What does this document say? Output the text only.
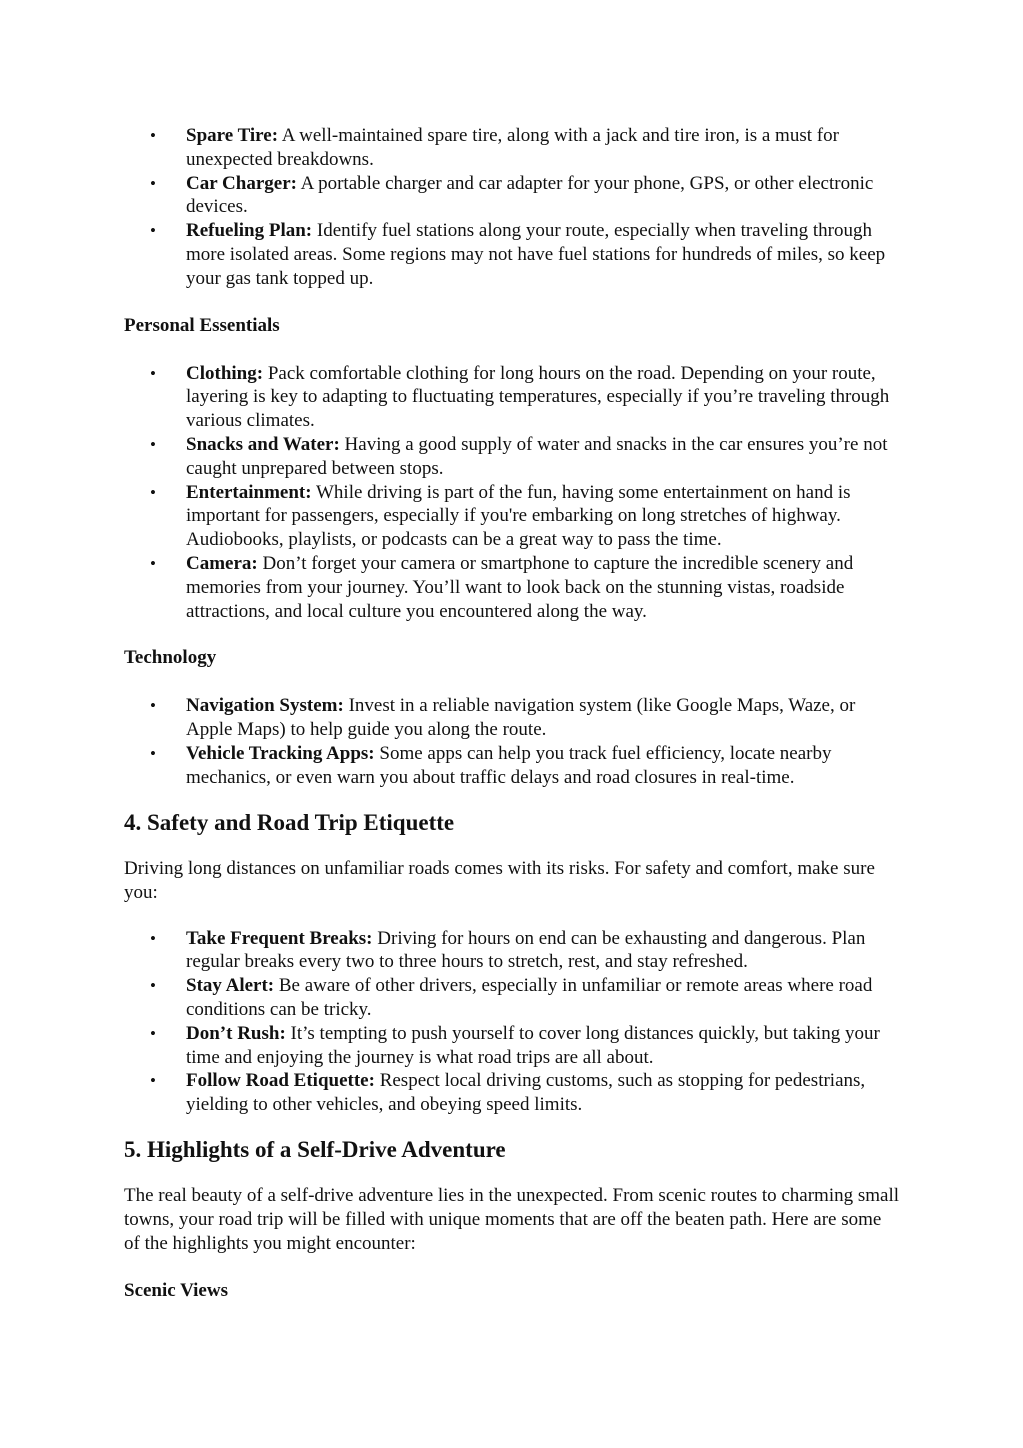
• Spare Tire: A well-maintained spare tire, along with a jack and tire iron, is a must for unexpected breakdowns.
• Car Charger: A portable charger and car adapter for your phone, GPS, or other electronic devices.
• Refueling Plan: Identify fuel stations along your route, especially when traveling through more isolated areas. Some regions may not have fuel stations for hundreds of miles, so keep your gas tank topped up.

Personal Essentials

• Clothing: Pack comfortable clothing for long hours on the road. Depending on your route, layering is key to adapting to fluctuating temperatures, especially if you’re traveling through various climates.
• Snacks and Water: Having a good supply of water and snacks in the car ensures you’re not caught unprepared between stops.
• Entertainment: While driving is part of the fun, having some entertainment on hand is important for passengers, especially if you're embarking on long stretches of highway. Audiobooks, playlists, or podcasts can be a great way to pass the time.
• Camera: Don’t forget your camera or smartphone to capture the incredible scenery and memories from your journey. You’ll want to look back on the stunning vistas, roadside attractions, and local culture you encountered along the way.

Technology

• Navigation System: Invest in a reliable navigation system (like Google Maps, Waze, or Apple Maps) to help guide you along the route.
• Vehicle Tracking Apps: Some apps can help you track fuel efficiency, locate nearby mechanics, or even warn you about traffic delays and road closures in real-time.
4. Safety and Road Trip Etiquette

Driving long distances on unfamiliar roads comes with its risks. For safety and comfort, make sure you:

• Take Frequent Breaks: Driving for hours on end can be exhausting and dangerous. Plan regular breaks every two to three hours to stretch, rest, and stay refreshed.
• Stay Alert: Be aware of other drivers, especially in unfamiliar or remote areas where road conditions can be tricky.
• Don’t Rush: It’s tempting to push yourself to cover long distances quickly, but taking your time and enjoying the journey is what road trips are all about.
• Follow Road Etiquette: Respect local driving customs, such as stopping for pedestrians, yielding to other vehicles, and obeying speed limits.
5. Highlights of a Self-Drive Adventure

The real beauty of a self-drive adventure lies in the unexpected. From scenic routes to charming small towns, your road trip will be filled with unique moments that are off the beaten path. Here are some of the highlights you might encounter:

Scenic Views
